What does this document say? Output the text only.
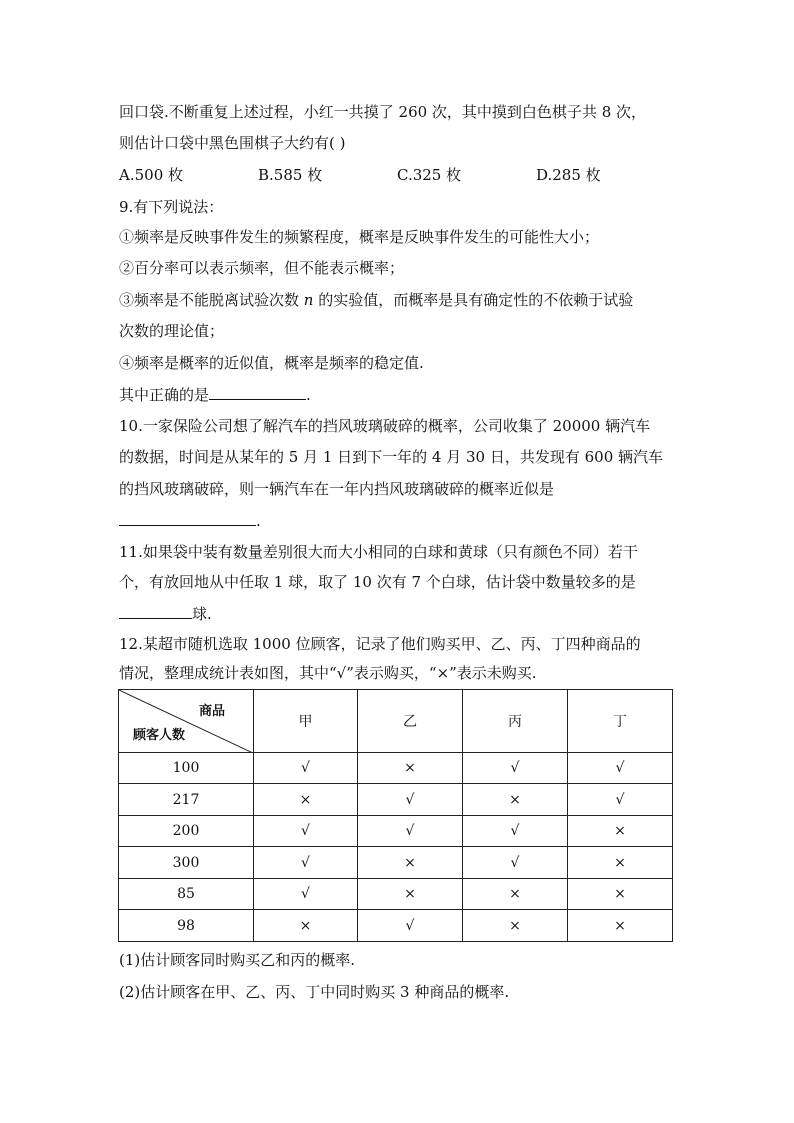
回口袋.不断重复上述过程，小红一共摸了 260 次，其中摸到白色棋子共 8 次，
则估计口袋中黑色围棋子大约有( )
A.500 枚	B.585 枚	C.325 枚	D.285 枚
9.有下列说法：
①频率是反映事件发生的频繁程度，概率是反映事件发生的可能性大小；
②百分率可以表示频率，但不能表示概率；
③频率是不能脱离试验次数 n 的实验值，而概率是具有确定性的不依赖于试验
次数的理论值；
④频率是概率的近似值，概率是频率的稳定值.
其中正确的是	.
10.一家保险公司想了解汽车的挡风玻璃破碎的概率，公司收集了 20000 辆汽车
的数据，时间是从某年的 5 月 1 日到下一年的 4 月 30 日，共发现有 600 辆汽车
的挡风玻璃破碎，则一辆汽车在一年内挡风玻璃破碎的概率近似是
.
11.如果袋中装有数量差别很大而大小相同的白球和黄球（只有颜色不同）若干
个，有放回地从中任取 1 球，取了 10 次有 7 个白球，估计袋中数量较多的是
球.
12.某超市随机选取 1000 位顾客，记录了他们购买甲、乙、丙、丁四种商品的
情况，整理成统计表如图，其中“√”表示购买，“×”表示未购买.
商品
顾客人数	甲	乙	丙	丁
100	√	×	√	√
217	×	√	×	√
200	√	√	√	×
300	√	×	√	×
85	√	×	×	×
98	×	√	×	×
(1)估计顾客同时购买乙和丙的概率.
(2)估计顾客在甲、乙、丙、丁中同时购买 3 种商品的概率.
